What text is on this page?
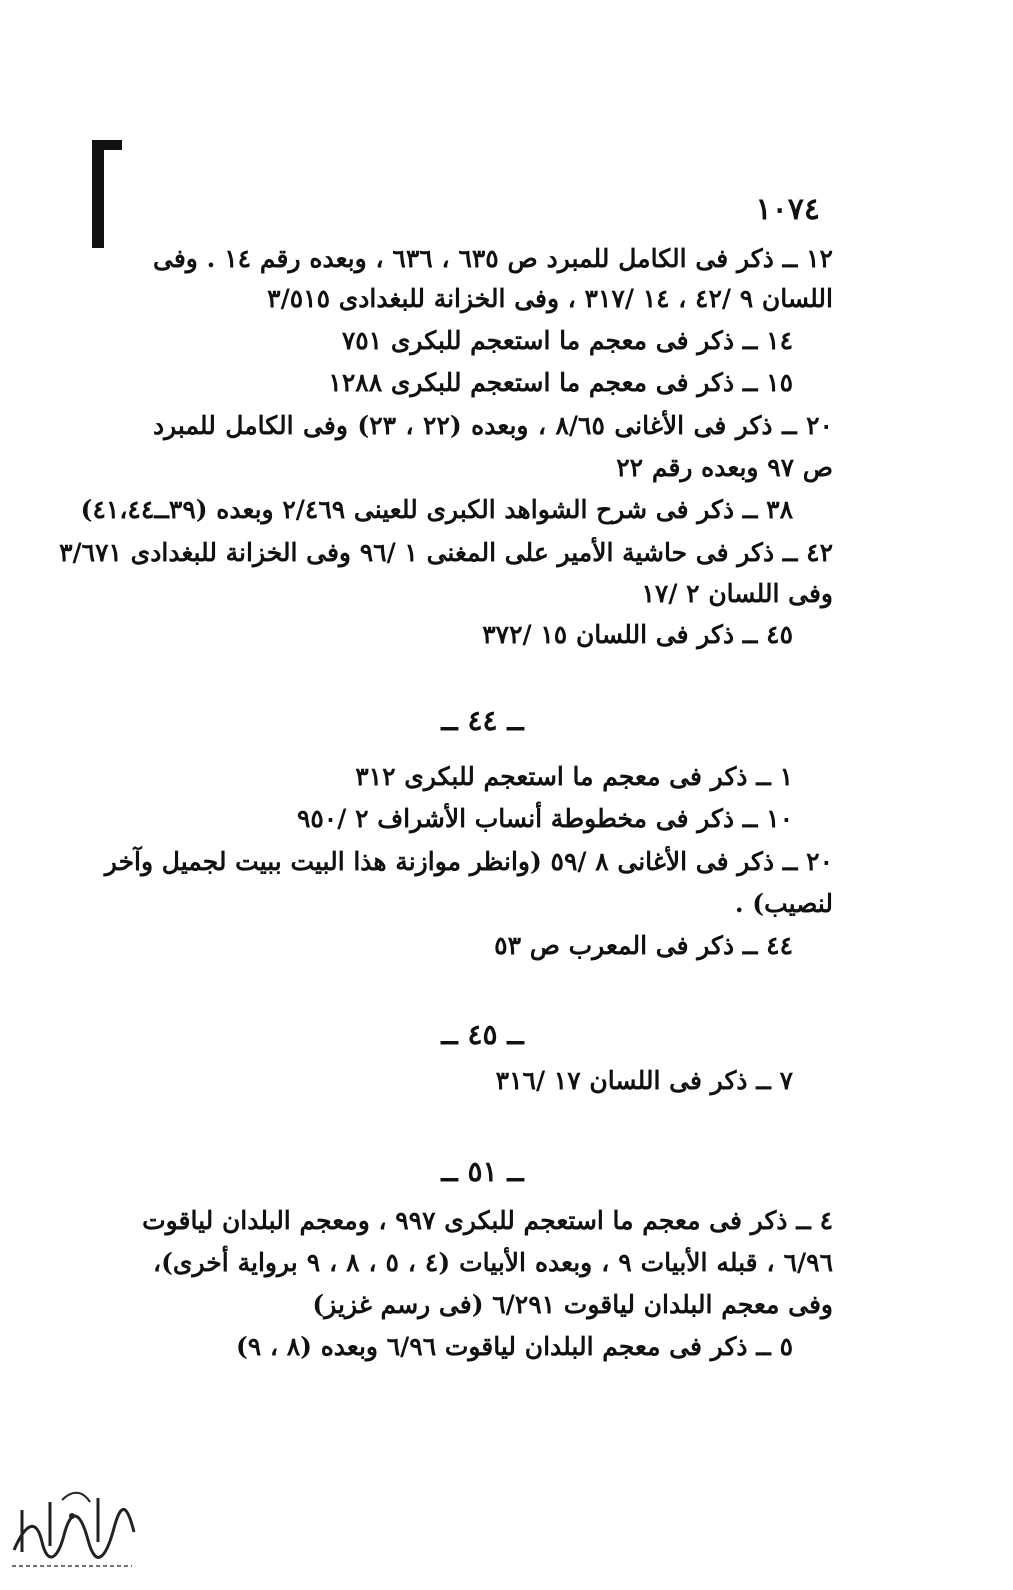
١٠٧٤
١٢ ــ ذكر فى الكامل للمبرد ص ٦٣٥ ، ٦٣٦ ، وبعده رقم ١٤ . وفى
اللسان ٩ /٤٢ ، ١٤ /٣١٧ ، وفى الخزانة للبغدادى ٣/٥١٥
١٤ ــ ذكر فى معجم ما استعجم للبكرى ٧٥١
١٥ ــ ذكر فى معجم ما استعجم للبكرى ١٢٨٨
٢٠ ــ ذكر فى الأغانى ٨/٦٥ ، وبعده (٢٢ ، ٢٣) وفى الكامل للمبرد
ص ٩٧ وبعده رقم ٢٢
٣٨ ــ ذكر فى شرح الشواهد الكبرى للعينى ٢/٤٦٩ وبعده (٣٩ــ٤١،٤٤)
٤٢ ــ ذكر فى حاشية الأمير على المغنى ١ /٩٦ وفى الخزانة للبغدادى ٣/٦٧١
وفى اللسان ٢ /١٧
٤٥ ــ ذكر فى اللسان ١٥ /٣٧٢
ــ ٤٤ ــ
١ ــ ذكر فى معجم ما استعجم للبكرى ٣١٢
١٠ ــ ذكر فى مخطوطة أنساب الأشراف ٢ /٩٥٠
٢٠ ــ ذكر فى الأغانى ٨ /٥٩ (وانظر موازنة هذا البيت ببيت لجميل وآخر
لنصيب) .
٤٤ ــ ذكر فى المعرب ص ٥٣
ــ ٤٥ ــ
٧ ــ ذكر فى اللسان ١٧ /٣١٦
ــ ٥١ ــ
٤ ــ ذكر فى معجم ما استعجم للبكرى ٩٩٧ ، ومعجم البلدان لياقوت
٦/٩٦ ، قبله الأبيات ٩ ، وبعده الأبيات (٤ ، ٥ ، ٨ ، ٩ برواية أخرى)،
وفى معجم البلدان لياقوت ٦/٢٩١ (فى رسم غزيز)
٥ ــ ذكر فى معجم البلدان لياقوت ٦/٩٦ وبعده (٨ ، ٩)
